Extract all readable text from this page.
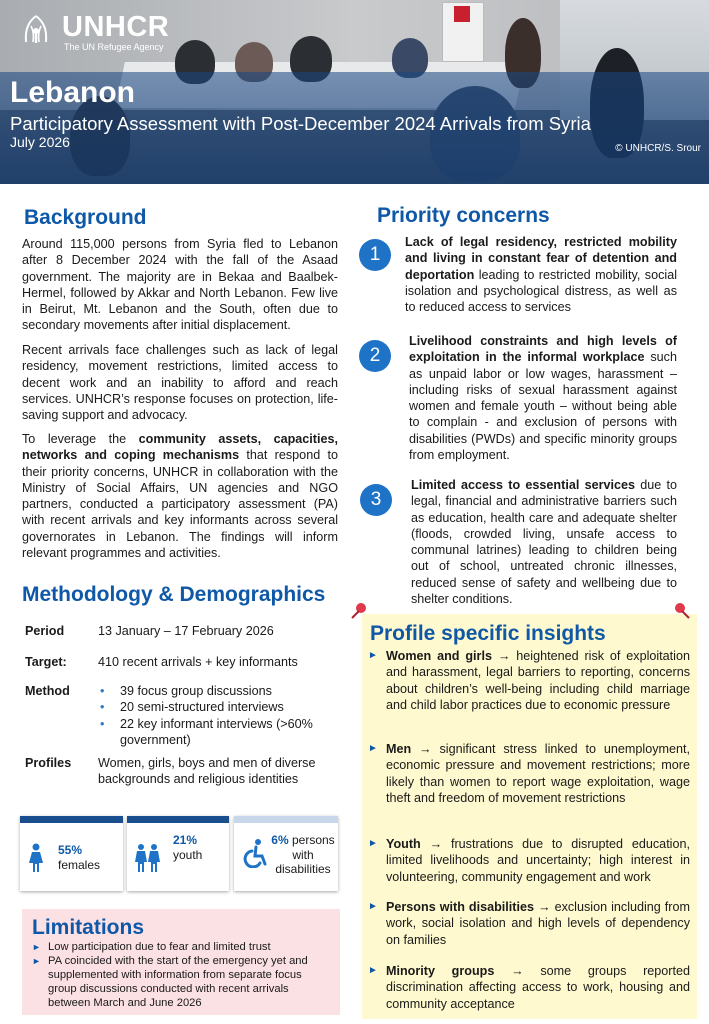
UNHCR
The UN Refugee Agency
Lebanon
Participatory Assessment with Post-December 2024 Arrivals from Syria
July 2026	© UNHCR/S. Srour
Background

Around 115,000 persons from Syria fled to Lebanon after 8 December 2024 with the fall of the Asaad government. The majority are in Bekaa and Baalbek-Hermel, followed by Akkar and North Lebanon. Few live in Beirut, Mt. Lebanon and the South, often due to secondary movements after initial displacement.

Recent arrivals face challenges such as lack of legal residency, movement restrictions, limited access to decent work and an inability to afford and reach services. UNHCR’s response focuses on protection, life-saving support and advocacy.

To leverage the community assets, capacities, networks and coping mechanisms that respond to their priority concerns, UNHCR in collaboration with the Ministry of Social Affairs, UN agencies and NGO partners, conducted a participatory assessment (PA) with recent arrivals and key informants across several governorates in Lebanon. The findings will inform relevant programmes and activities.

Methodology & Demographics
Period	13 January – 17 February 2026
Target: 410 recent arrivals + key informants
Method
•	39 focus group discussions
• 20 semi-structured interviews
• 22 key informant interviews (>60% government)
Profiles Women, girls, boys and men of diverse backgrounds and religious identities
55%
females
21%
youth
6% persons
with
disabilities
Limitations
► Low participation due to fear and limited trust
► PA coincided with the start of the emergency yet and supplemented with information from separate focus group discussions conducted with recent arrivals between March and June 2026
Priority concerns
1

Lack of legal residency, restricted mobility and living in constant fear of detention and deportation leading to restricted mobility, social isolation and psychological distress, as well as to reduced access to services

2

Livelihood constraints and high levels of exploitation in the informal workplace such as unpaid labor or low wages, harassment – including risks of sexual harassment against women and female youth – without being able to complain - and exclusion of persons with disabilities (PWDs) and specific minority groups from employment.

3

Limited access to essential services due to legal, financial and administrative barriers such as education, health care and adequate shelter (floods, crowded living, unsafe access to communal latrines) leading to children being out of school, untreated chronic illnesses, reduced sense of safety and wellbeing due to shelter conditions.

Profile specific insights
► Women and girls → heightened risk of exploitation and harassment, legal barriers to reporting, concerns about children’s well-being including child marriage and child labor practices due to economic pressure
► Men → significant stress linked to unemployment, economic pressure and movement restrictions; more likely than women to report wage exploitation, wage theft and freedom of movement restrictions
► Youth → frustrations due to disrupted education, limited livelihoods and uncertainty; high interest in volunteering, community engagement and work
► Persons with disabilities → exclusion including from work, social isolation and high levels of dependency on families
► Minority groups → some groups reported discrimination affecting access to work, housing and community acceptance
